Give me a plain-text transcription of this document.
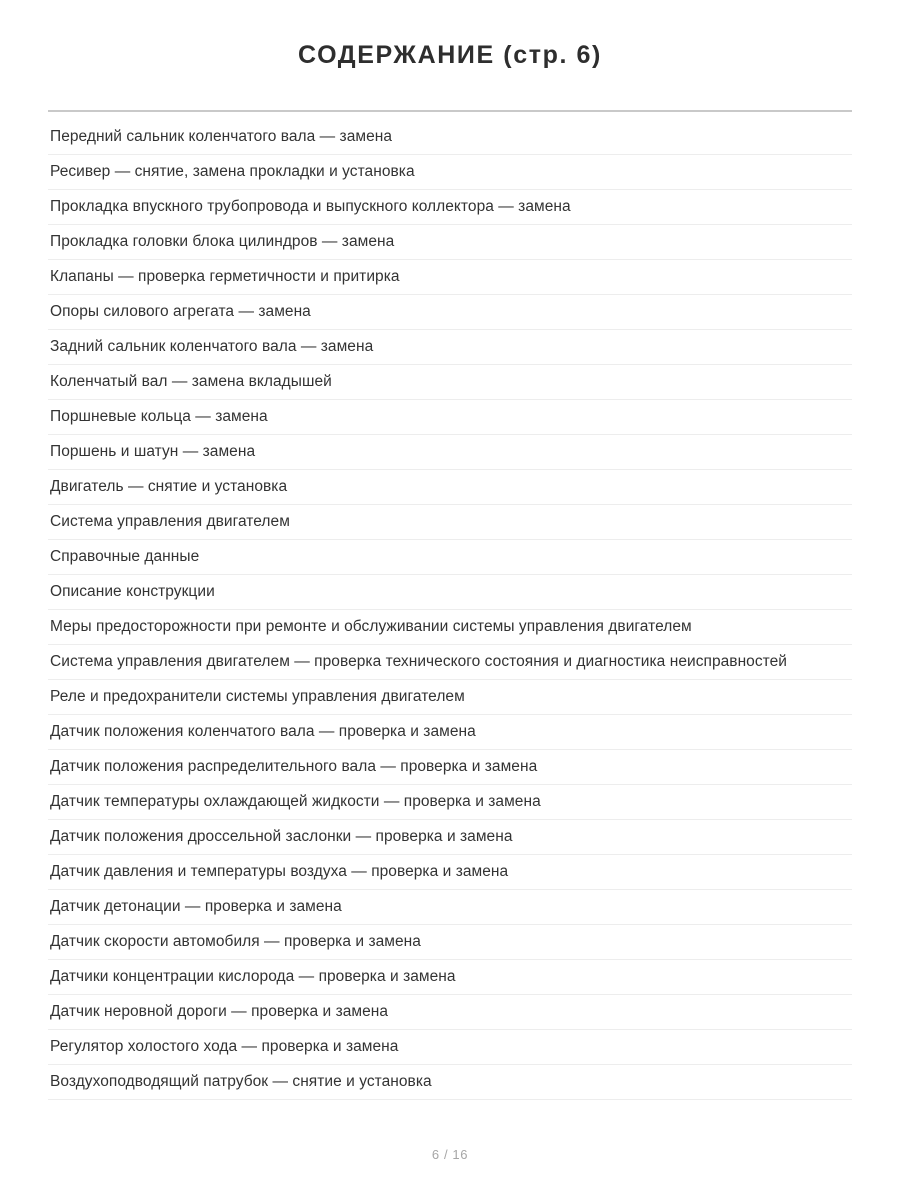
СОДЕРЖАНИЕ (стр. 6)
Передний сальник коленчатого вала — замена
Ресивер — снятие, замена прокладки и установка
Прокладка впускного трубопровода и выпускного коллектора — замена
Прокладка головки блока цилиндров — замена
Клапаны — проверка герметичности и притирка
Опоры силового агрегата — замена
Задний сальник коленчатого вала — замена
Коленчатый вал — замена вкладышей
Поршневые кольца — замена
Поршень и шатун — замена
Двигатель — снятие и установка
Система управления двигателем
Справочные данные
Описание конструкции
Меры предосторожности при ремонте и обслуживании системы управления двигателем
Система управления двигателем — проверка технического состояния и диагностика неисправностей
Реле и предохранители системы управления двигателем
Датчик положения коленчатого вала — проверка и замена
Датчик положения распределительного вала — проверка и замена
Датчик температуры охлаждающей жидкости — проверка и замена
Датчик положения дроссельной заслонки — проверка и замена
Датчик давления и температуры воздуха — проверка и замена
Датчик детонации — проверка и замена
Датчик скорости автомобиля — проверка и замена
Датчики концентрации кислорода — проверка и замена
Датчик неровной дороги — проверка и замена
Регулятор холостого хода — проверка и замена
Воздухоподводящий патрубок — снятие и установка
6 / 16
